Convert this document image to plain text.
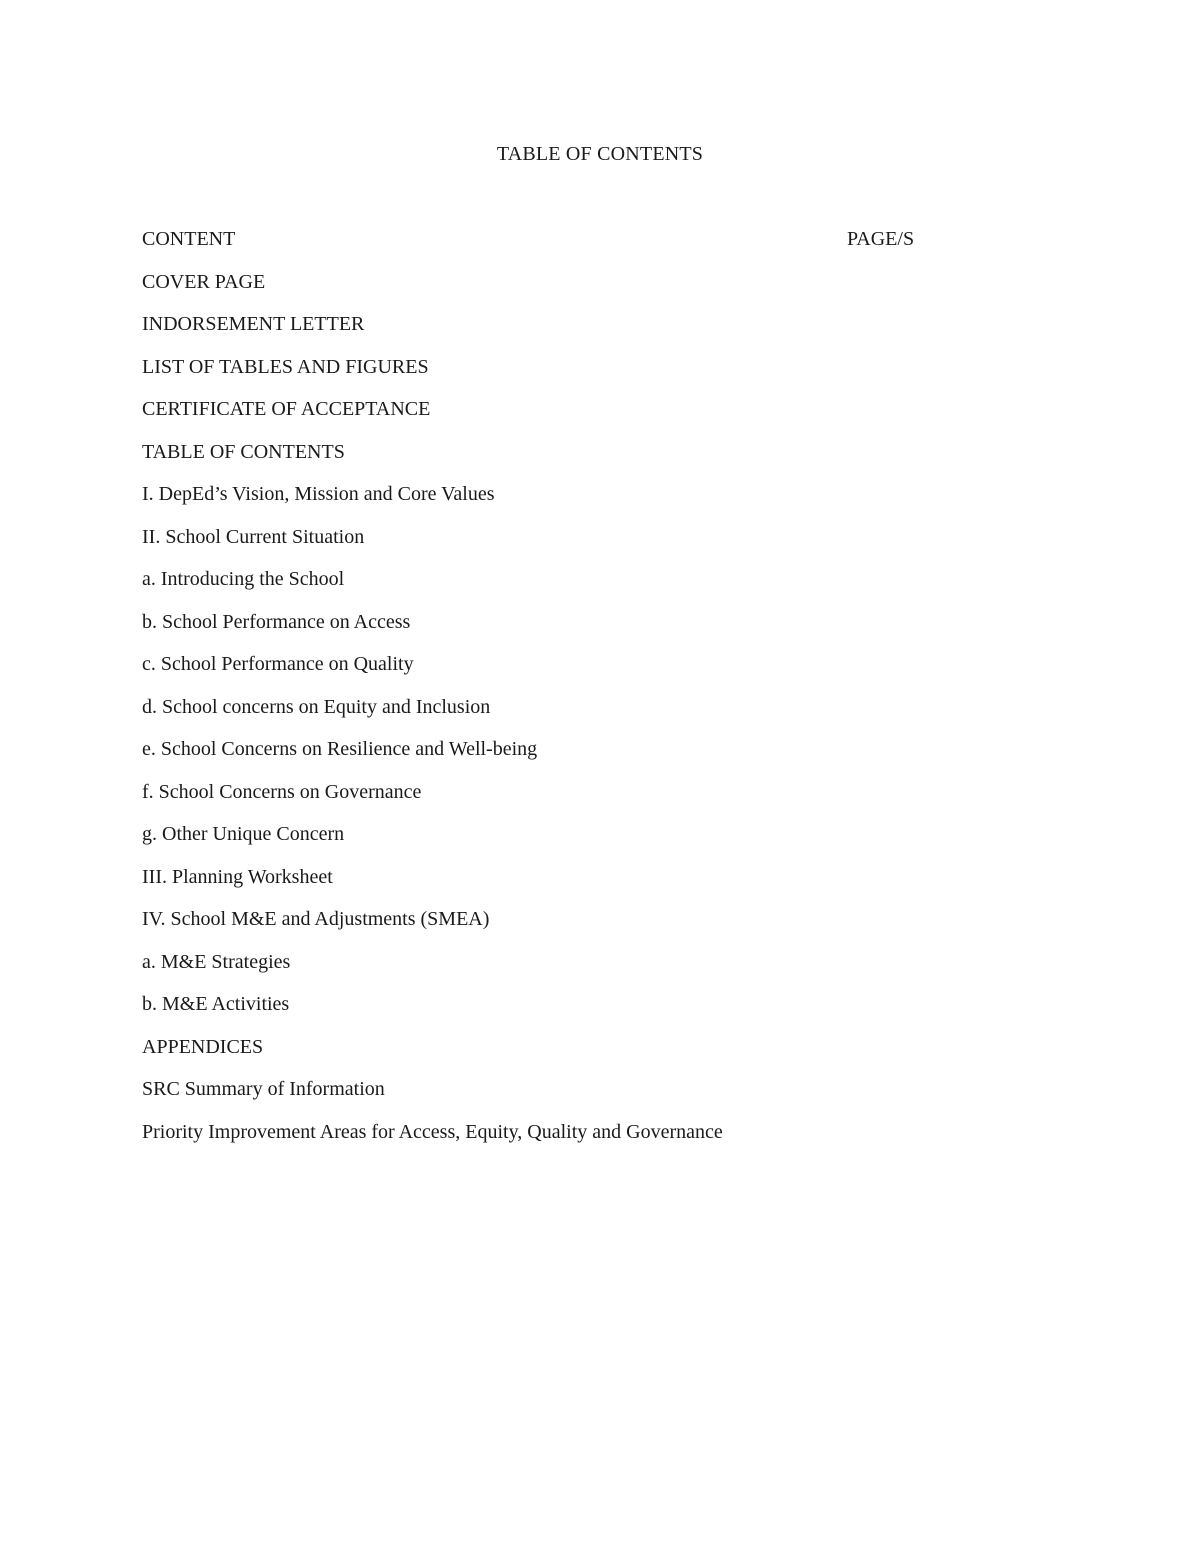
TABLE OF CONTENTS
CONTENT	PAGE/S
COVER PAGE
INDORSEMENT LETTER
LIST OF TABLES AND FIGURES
CERTIFICATE OF ACCEPTANCE
TABLE OF CONTENTS
I. DepEd’s Vision, Mission and Core Values
II. School Current Situation
a. Introducing the School
b. School Performance on Access
c. School Performance on Quality
d. School concerns on Equity and Inclusion
e. School Concerns on Resilience and Well-being
f. School Concerns on Governance
g. Other Unique Concern
III. Planning Worksheet
IV. School M&E and Adjustments (SMEA)
a. M&E Strategies
b. M&E Activities
APPENDICES
SRC Summary of Information
Priority Improvement Areas for Access, Equity, Quality and Governance
